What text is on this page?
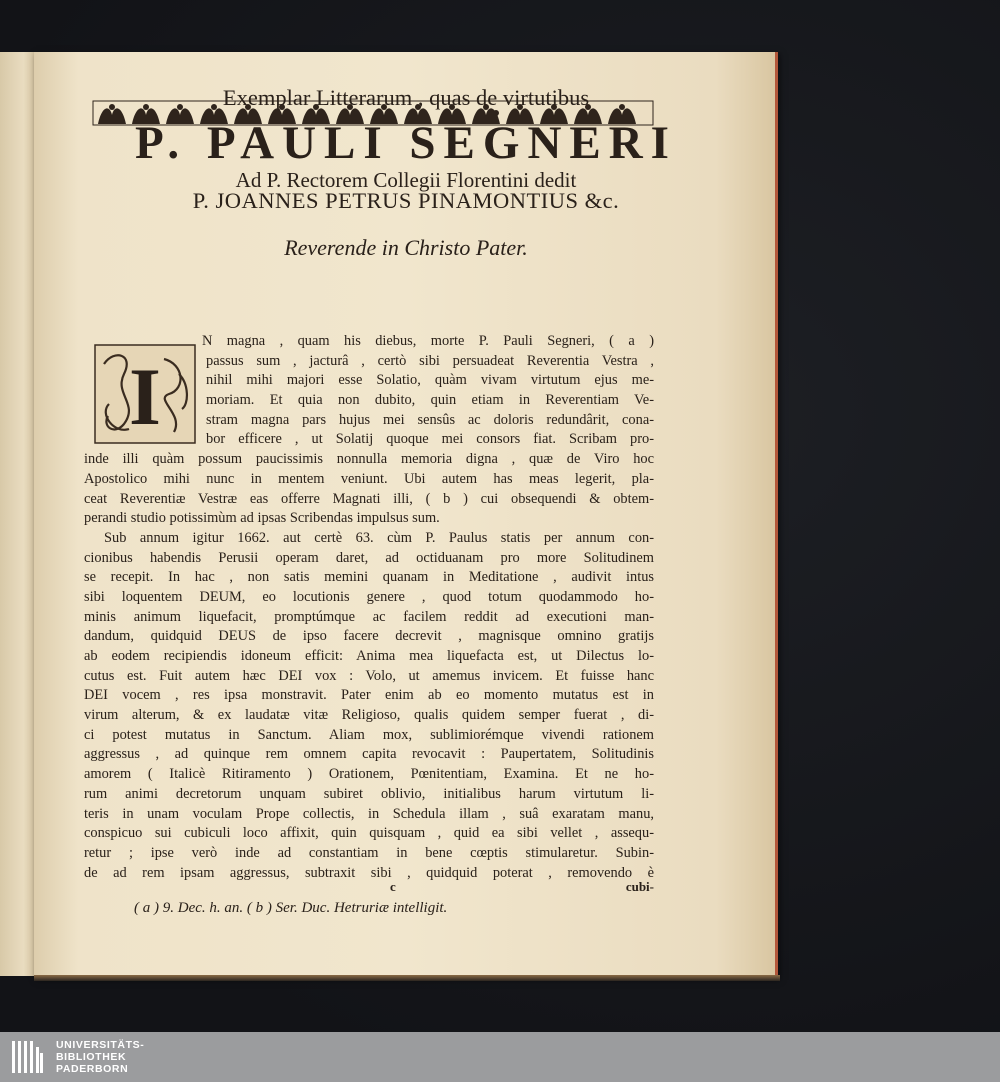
Exemplar Litterarum , quas de virtutibus
P. PAULI SEGNERI
Ad P. Rectorem Collegii Florentini dedit
P. JOANNES PETRUS PINAMONTIUS &c.
Reverende in Christo Pater.
I
N magna , quam his diebus, morte P. Pauli Segneri, ( a )
passus sum , jacturâ , certò sibi persuadeat Reverentia Vestra ,
nihil mihi majori esse Solatio, quàm vivam virtutum ejus me-
moriam. Et quia non dubito, quin etiam in Reverentiam Ve-
stram magna pars hujus mei sensûs ac doloris redundârit, cona-
bor efficere , ut Solatij quoque mei consors fiat. Scribam pro-
inde illi quàm possum paucissimis nonnulla memoria digna , quæ de Viro hoc
Apostolico mihi nunc in mentem veniunt. Ubi autem has meas legerit, pla-
ceat Reverentiæ Vestræ eas offerre Magnati illi, ( b ) cui obsequendi & obtem-
perandi studio potissimùm ad ipsas Scribendas impulsus sum.
Sub annum igitur 1662. aut certè 63. cùm P. Paulus statis per annum con-
cionibus habendis Perusii operam daret, ad octiduanam pro more Solitudinem
se recepit. In hac , non satis memini quanam in Meditatione , audivit intus
sibi loquentem DEUM, eo locutionis genere , quod totum quodammodo ho-
minis animum liquefacit, promptúmque ac facilem reddit ad executioni man-
dandum, quidquid DEUS de ipso facere decrevit , magnisque omnino gratijs
ab eodem recipiendis idoneum efficit: Anima mea liquefacta est, ut Dilectus lo-
cutus est. Fuit autem hæc DEI vox : Volo, ut amemus invicem. Et fuisse hanc
DEI vocem , res ipsa monstravit. Pater enim ab eo momento mutatus est in
virum alterum, & ex laudatæ vitæ Religioso, qualis quidem semper fuerat , di-
ci potest mutatus in Sanctum. Aliam mox, sublimiorémque vivendi rationem
aggressus , ad quinque rem omnem capita revocavit : Paupertatem, Solitudinis
amorem ( Italicè Ritiramento ) Orationem, Pœnitentiam, Examina. Et ne ho-
rum animi decretorum unquam subiret oblivio, initialibus harum virtutum li-
teris in unam voculam Prope collectis, in Schedula illam , suâ exaratam manu,
conspicuo sui cubiculi loco affixit, quin quisquam , quid ea sibi vellet , assequ-
retur ; ipse verò inde ad constantiam in bene cœptis stimularetur. Subin-
de ad rem ipsam aggressus, subtraxit sibi , quidquid poterat , removendo è
c	cubi-
( a ) 9. Dec. h. an. ( b ) Ser. Duc. Hetruriæ intelligit.
UNIVERSITÄTS-
BIBLIOTHEK
PADERBORN
